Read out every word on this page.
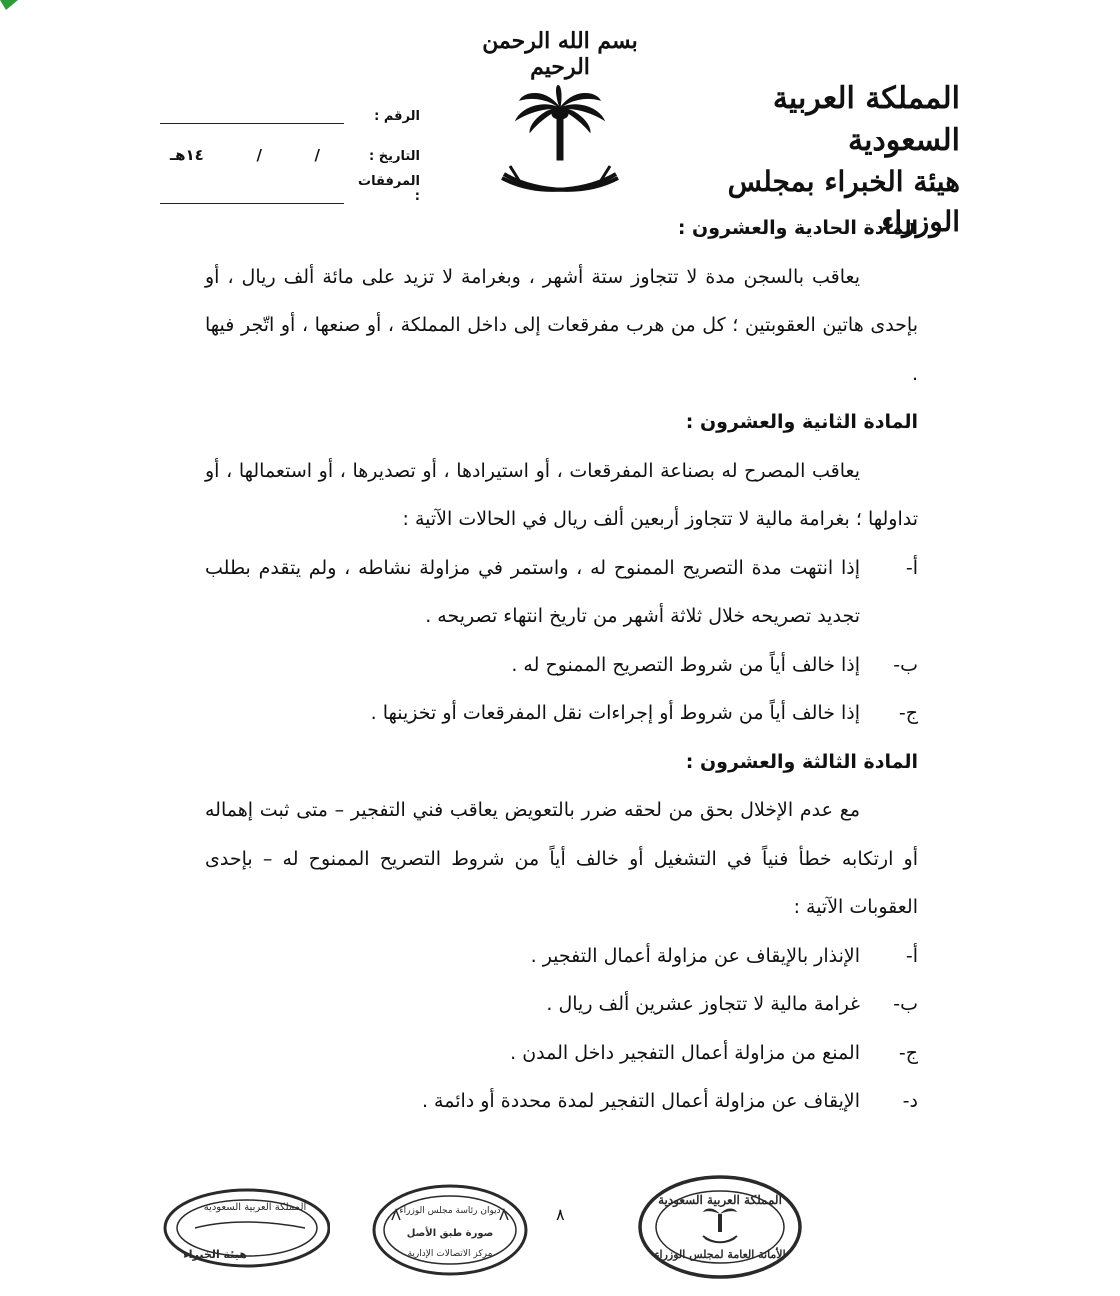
بسم الله الرحمن الرحيم
المملكة العربية السعودية
هيئة الخبراء بمجلس الوزراء
الرقم :
التاريخ :
/
/
١٤هـ
المرفقات :

المادة الحادية والعشرون :

يعاقب بالسجن مدة لا تتجاوز ستة أشهر ، وبغرامة لا تزيد على مائة ألف ريال ، أو بإحدى هاتين العقوبتين ؛ كل من هرب مفرقعات إلى داخل المملكة ، أو صنعها ، أو اتّجر فيها .

المادة الثانية والعشرون :

يعاقب المصرح له بصناعة المفرقعات ، أو استيرادها ، أو تصديرها ، أو استعمالها ، أو تداولها ؛ بغرامة مالية لا تتجاوز أربعين ألف ريال في الحالات الآتية :

أ-
إذا انتهت مدة التصريح الممنوح له ، واستمر في مزاولة نشاطه ، ولم يتقدم بطلب تجديد تصريحه خلال ثلاثة أشهر من تاريخ انتهاء تصريحه .
ب-
إذا خالف أياً من شروط التصريح الممنوح له .
ج-
إذا خالف أياً من شروط أو إجراءات نقل المفرقعات أو تخزينها .

المادة الثالثة والعشرون :

مع عدم الإخلال بحق من لحقه ضرر بالتعويض يعاقب فني التفجير – متى ثبت إهماله أو ارتكابه خطأ فنياً في التشغيل أو خالف أياً من شروط التصريح الممنوح له – بإحدى العقوبات الآتية :

أ-
الإنذار بالإيقاف عن مزاولة أعمال التفجير .
ب-
غرامة مالية لا تتجاوز عشرين ألف ريال .
ج-
المنع من مزاولة أعمال التفجير داخل المدن .
د-
الإيقاف عن مزاولة أعمال التفجير لمدة محددة أو دائمة .
٨
المملكة العربية السعودية
هيئة الخبراء
ديوان رئاسة مجلس الوزراء
صورة طبق الأصل
مركز الاتصالات الإدارية
المملكة العربية السعودية
الأمانة العامة لمجلس الوزراء
